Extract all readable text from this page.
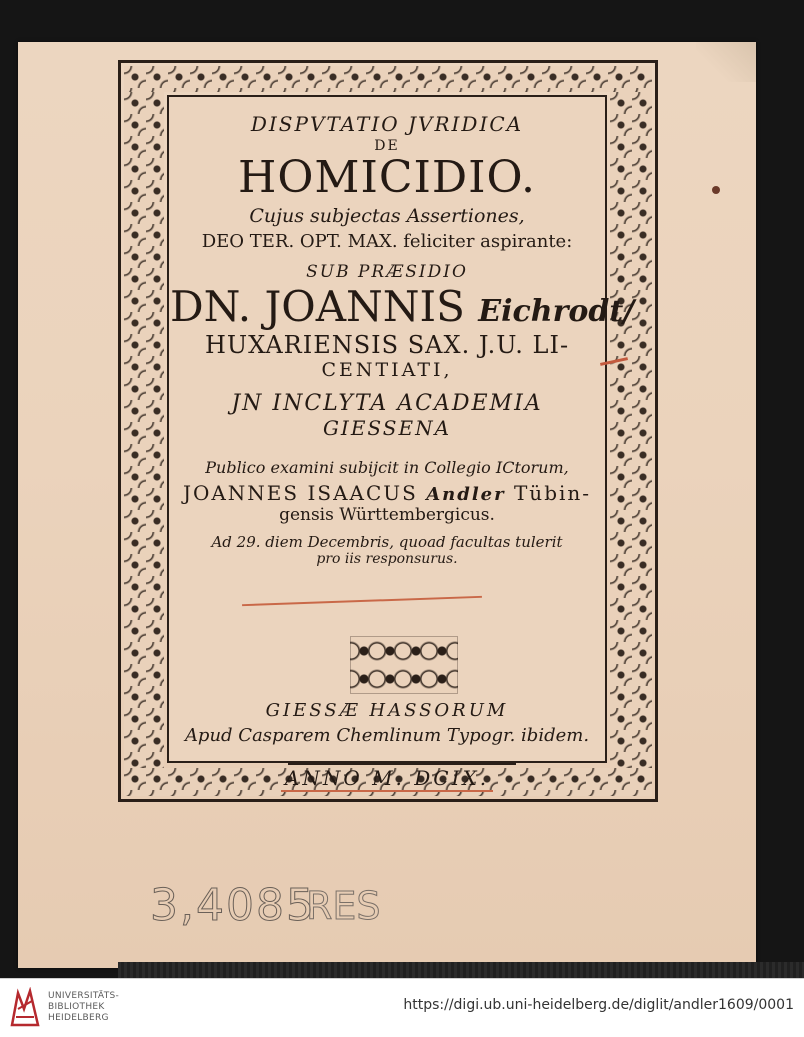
DISPVTATIO JVRIDICA
DE
HOMICIDIO.
Cujus subjectas Assertiones,
DEO TER. OPT. MAX. feliciter aspirante:
SUB PRÆSIDIO
DN. JOANNIS Eichrodt/
HUXARIENSIS SAX. J.U. LI-
CENTIATI,
JN INCLYTA ACADEMIA
GIESSENA
Publico examini subijcit in Collegio ICtorum,
JOANNES ISAACUS Andler Tübin-
gensis Württembergicus.
Ad 29. diem Decembris, quoad facultas tulerit
pro iis responsurus.
GIESSÆ HASSORUM
Apud Casparem Chemlinum Typogr. ibidem.
ANNO M. DCIX.
3,4085
RES
UNIVERSITÄTS-
BIBLIOTHEK
HEIDELBERG
https://digi.ub.uni-heidelberg.de/diglit/andler1609/0001
